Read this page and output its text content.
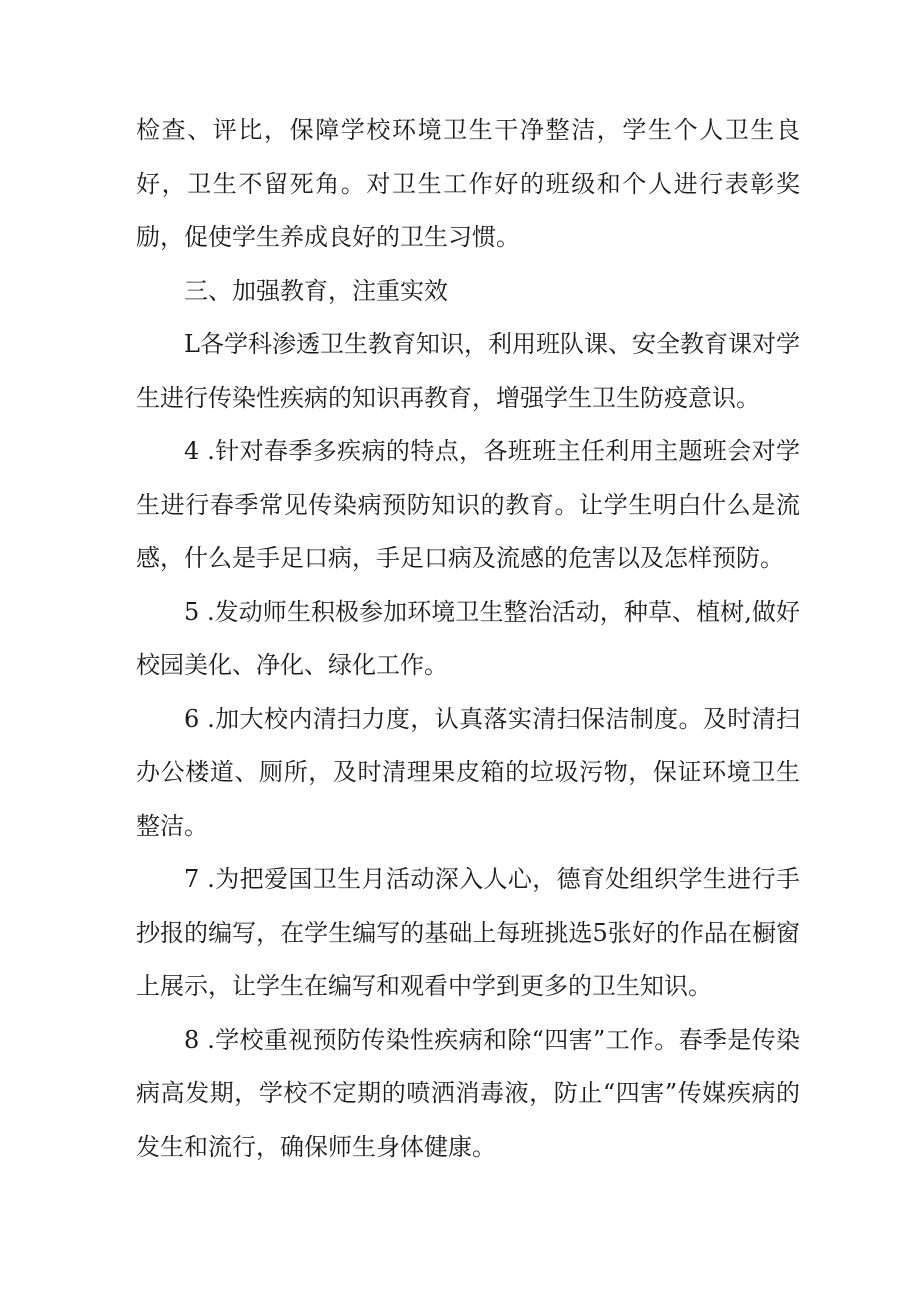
检查、评比，保障学校环境卫生干净整洁，学生个人卫生良好，卫生不留死角。对卫生工作好的班级和个人进行表彰奖励，促使学生养成良好的卫生习惯。

三、加强教育，注重实效

L各学科渗透卫生教育知识，利用班队课、安全教育课对学生进行传染性疾病的知识再教育，增强学生卫生防疫意识。

4 .针对春季多疾病的特点，各班班主任利用主题班会对学生进行春季常见传染病预防知识的教育。让学生明白什么是流感，什么是手足口病，手足口病及流感的危害以及怎样预防。

5 .发动师生积极参加环境卫生整治活动，种草、植树,做好校园美化、净化、绿化工作。

6 .加大校内清扫力度，认真落实清扫保洁制度。及时清扫办公楼道、厕所，及时清理果皮箱的垃圾污物，保证环境卫生整洁。

7 .为把爱国卫生月活动深入人心，德育处组织学生进行手抄报的编写，在学生编写的基础上每班挑选5张好的作品在橱窗上展示，让学生在编写和观看中学到更多的卫生知识。

8 .学校重视预防传染性疾病和除“四害”工作。春季是传染病高发期，学校不定期的喷洒消毒液，防止“四害”传媒疾病的发生和流行，确保师生身体健康。
